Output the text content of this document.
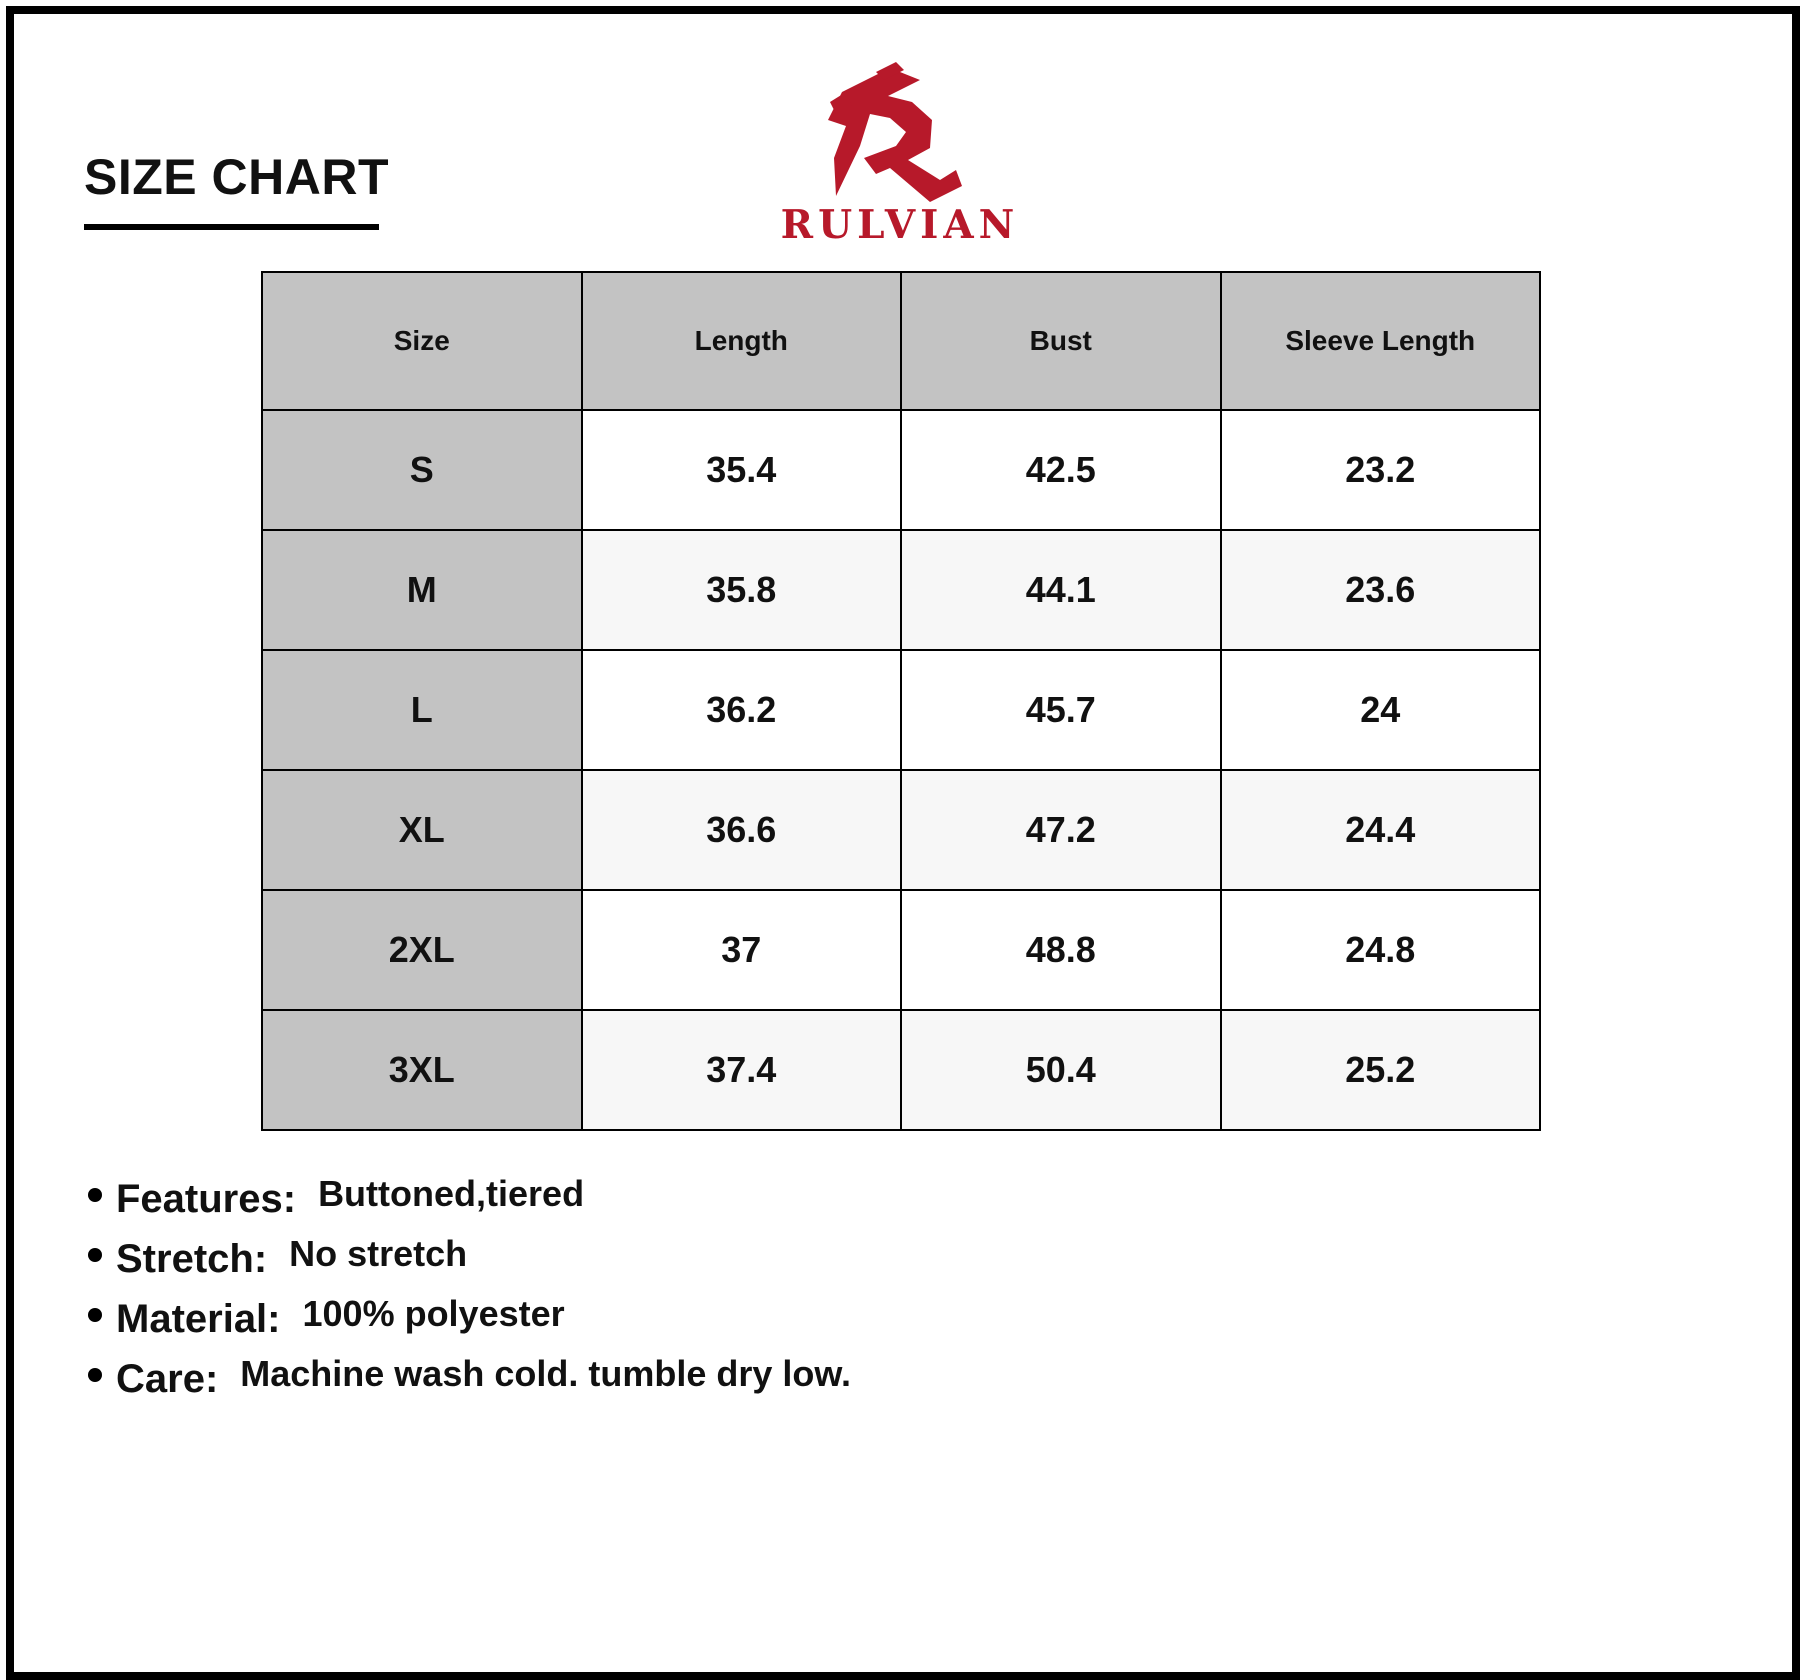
SIZE CHART
RULVIAN
Size	Length	Bust	Sleeve Length
S	35.4	42.5	23.2
M	35.8	44.1	23.6
L	36.2	45.7	24
XL	36.6	47.2	24.4
2XL	37	48.8	24.8
3XL	37.4	50.4	25.2
Features: Buttoned,tiered
Stretch: No stretch
Material: 100% polyester
Care: Machine wash cold. tumble dry low.
